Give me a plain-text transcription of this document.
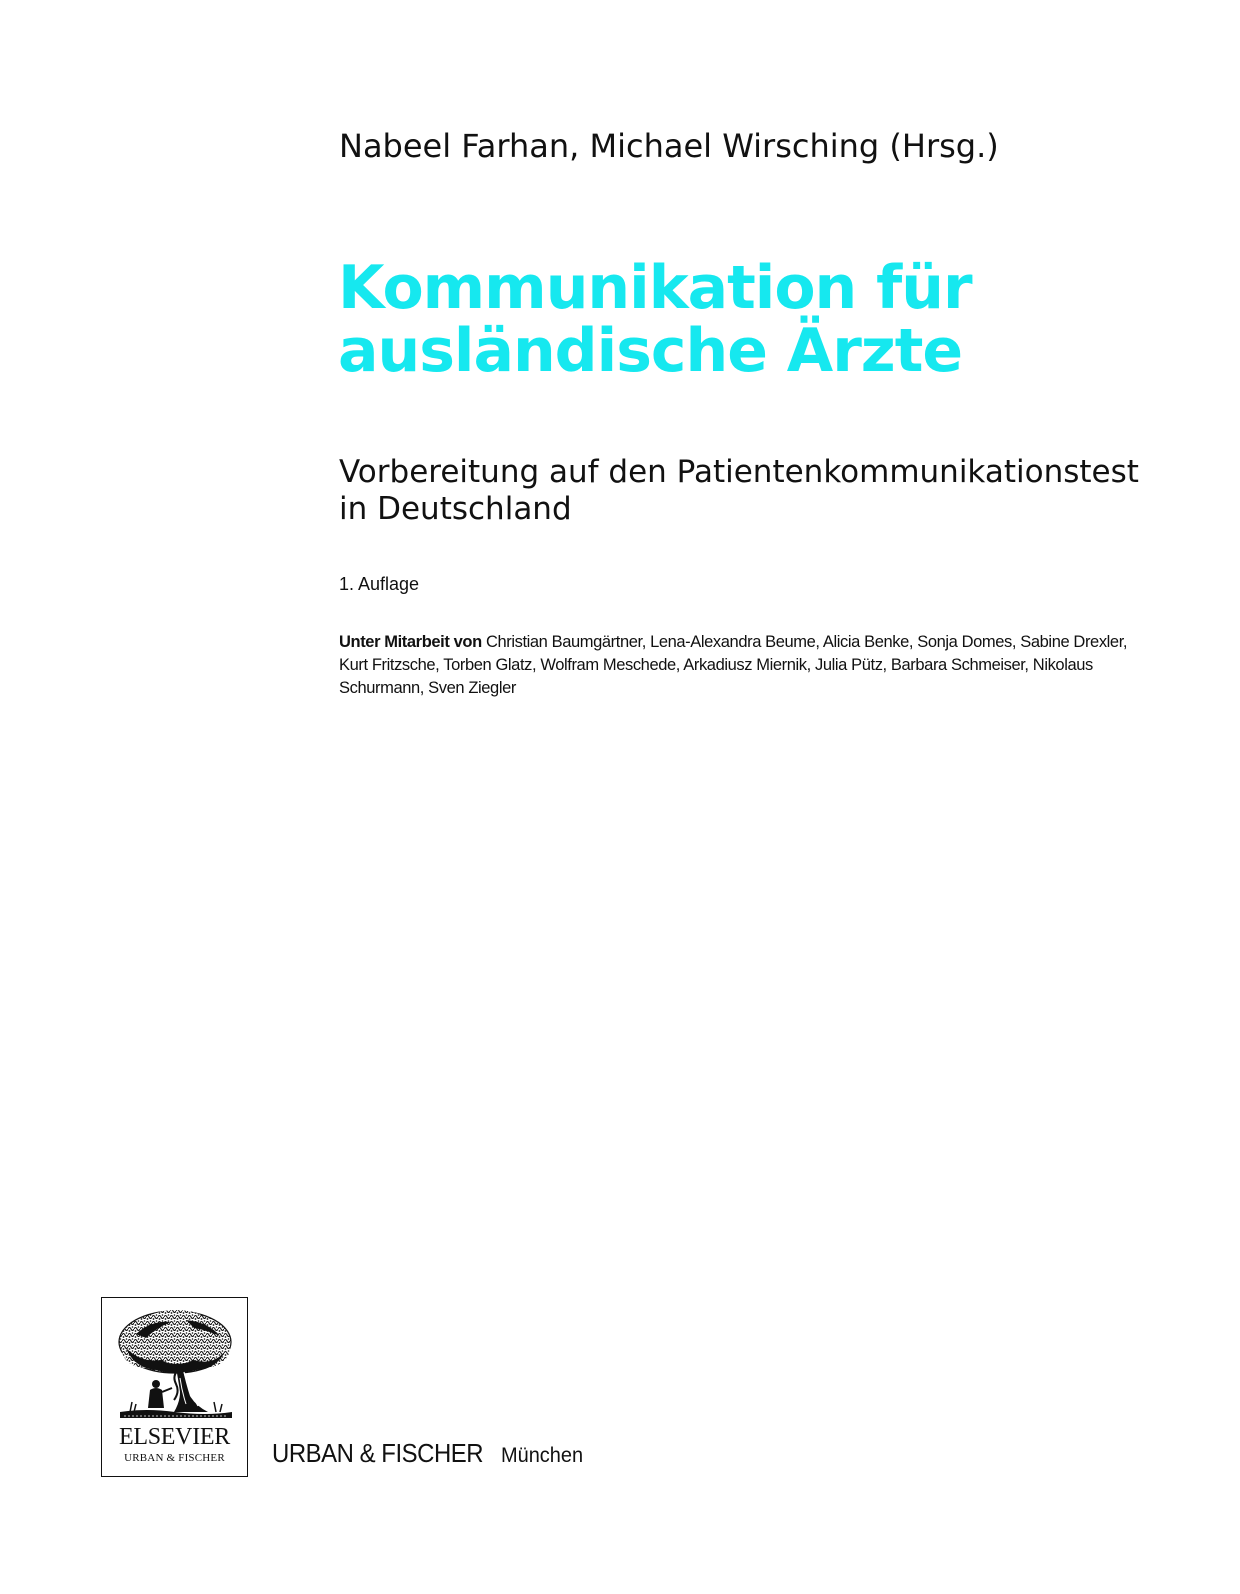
Nabeel Farhan, Michael Wirsching (Hrsg.)
Kommunikation für
ausländische Ärzte
Vorbereitung auf den Patientenkommunikationstest
in Deutschland
1. Auflage
Unter Mitarbeit von Christian Baumgärtner, Lena-Alexandra Beume, Alicia Benke, Sonja Domes, Sabine Drexler,
Kurt Fritzsche, Torben Glatz, Wolfram Meschede, Arkadiusz Miernik, Julia Pütz, Barbara Schmeiser, Nikolaus
Schurmann, Sven Ziegler
ELSEVIER
URBAN & FISCHER	URBAN & FISCHER München
